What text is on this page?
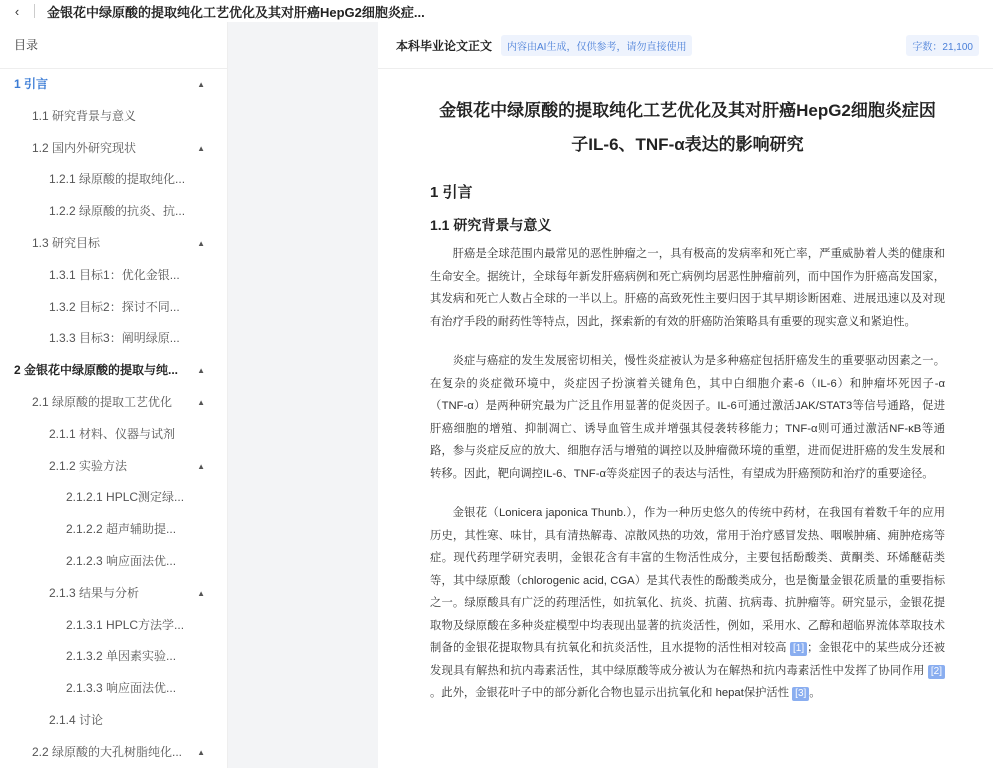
‹	金银花中绿原酸的提取纯化工艺优化及其对肝癌HepG2细胞炎症...
目录
1 引言	▲
1.1 研究背景与意义
1.2 国内外研究现状	▲
1.2.1 绿原酸的提取纯化...
1.2.2 绿原酸的抗炎、抗...
1.3 研究目标	▲
1.3.1 目标1：优化金银...
1.3.2 目标2：探讨不同...
1.3.3 目标3：阐明绿原...
2 金银花中绿原酸的提取与纯... ▲
2.1 绿原酸的提取工艺优化	▲
2.1.1 材料、仪器与试剂
2.1.2 实验方法	▲
2.1.2.1 HPLC测定绿...
2.1.2.2 超声辅助提...
2.1.2.3 响应面法优...
2.1.3 结果与分析	▲
2.1.3.1 HPLC方法学...
2.1.3.2 单因素实验...
2.1.3.3 响应面法优...
2.1.4 讨论
2.2 绿原酸的大孔树脂纯化... ▲
本科毕业论文正文	内容由AI生成，仅供参考，请勿直接使用	字数：21,100
金银花中绿原酸的提取纯化工艺优化及其对肝癌HepG2细胞炎症因
子IL-6、TNF-α表达的影响研究
1 引言
1.1 研究背景与意义
肝癌是全球范围内最常见的恶性肿瘤之一，具有极高的发病率和死亡率，严重威胁着人类的健康和生命安全。据统计，全球每年新发肝癌病例和死亡病例均居恶性肿瘤前列，而中国作为肝癌高发国家，其发病和死亡人数占全球的一半以上。肝癌的高致死性主要归因于其早期诊断困难、进展迅速以及对现有治疗手段的耐药性等特点，因此，探索新的有效的肝癌防治策略具有重要的现实意义和紧迫性。
炎症与癌症的发生发展密切相关，慢性炎症被认为是多种癌症包括肝癌发生的重要驱动因素之一。在复杂的炎症微环境中，炎症因子扮演着关键角色，其中白细胞介素-6（IL-6）和肿瘤坏死因子-α（TNF-α）是两种研究最为广泛且作用显著的促炎因子。IL-6可通过激活JAK/STAT3等信号通路，促进肝癌细胞的增殖、抑制凋亡、诱导血管生成并增强其侵袭转移能力；TNF-α则可通过激活NF-κB等通路，参与炎症反应的放大、细胞存活与增殖的调控以及肿瘤微环境的重塑，进而促进肝癌的发生发展和转移。因此，靶向调控IL-6、TNF-α等炎症因子的表达与活性，有望成为肝癌预防和治疗的重要途径。
金银花（Lonicera japonica Thunb.），作为一种历史悠久的传统中药材，在我国有着数千年的应用历史，其性寒、味甘，具有清热解毒、凉散风热的功效，常用于治疗感冒发热、咽喉肿痛、痈肿疮疡等症。现代药理学研究表明，金银花含有丰富的生物活性成分，主要包括酚酸类、黄酮类、环烯醚萜类等，其中绿原酸（chlorogenic acid, CGA）是其代表性的酚酸类成分，也是衡量金银花质量的重要指标之一。绿原酸具有广泛的药理活性，如抗氧化、抗炎、抗菌、抗病毒、抗肿瘤等。研究显示，金银花提取物及绿原酸在多种炎症模型中均表现出显著的抗炎活性，例如，采用水、乙醇和超临界流体萃取技术制备的金银花提取物具有抗氧化和抗炎活性，且水提物的活性相对较高 [1] ；金银花中的某些成分还被发现具有解热和抗内毒素活性，其中绿原酸等成分被认为在解热和抗内毒素活性中发挥了协同作用 [2]。此外，金银花叶子中的部分新化合物也显示出抗氧化和 hepat保护活性 [3] 。
